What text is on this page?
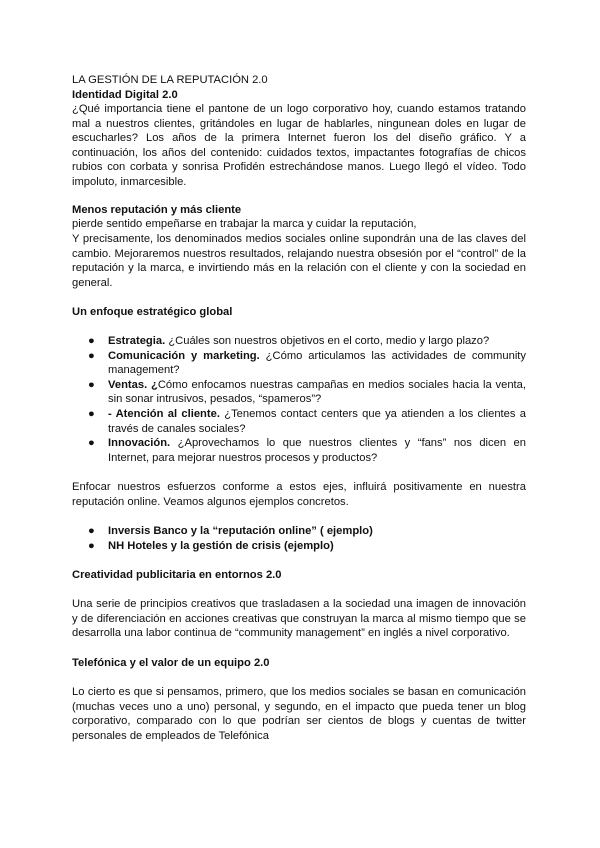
LA GESTIÓN DE LA REPUTACIÓN 2.0
Identidad Digital 2.0

¿Qué importancia tiene el pantone de un logo corporativo hoy, cuando estamos tratando mal a nuestros clientes, gritándoles en lugar de hablarles, ningunean doles en lugar de escucharles? Los años de la primera Internet fueron los del diseño gráfico. Y a continuación, los años del contenido: cuidados textos, impactantes fotografías de chicos rubios con corbata y sonrisa Profidén estrechándose manos. Luego llegó el vídeo. Todo impoluto, inmarcesible.

Menos reputación y más cliente
pierde sentido empeñarse en trabajar la marca y cuidar la reputación,

Y precisamente, los denominados medios sociales online supondrán una de las claves del cambio. Mejoraremos nuestros resultados, relajando nuestra obsesión por el “control” de la reputación y la marca, e invirtiendo más en la relación con el cliente y con la sociedad en general.

Un enfoque estratégico global
● Estrategia. ¿Cuáles son nuestros objetivos en el corto, medio y largo plazo?
● Comunicación y marketing. ¿Cómo articulamos las actividades de community management?
● Ventas. ¿Cómo enfocamos nuestras campañas en medios sociales hacia la venta, sin sonar intrusivos, pesados, “spameros”?
● - Atención al cliente. ¿Tenemos contact centers que ya atienden a los clientes a través de canales sociales?
● Innovación. ¿Aprovechamos lo que nuestros clientes y “fans” nos dicen en Internet, para mejorar nuestros procesos y productos?

Enfocar nuestros esfuerzos conforme a estos ejes, influirá positivamente en nuestra reputación online. Veamos algunos ejemplos concretos.

● Inversis Banco y la “reputación online” ( ejemplo)
● NH Hoteles y la gestión de crisis (ejemplo)
Creatividad publicitaria en entornos 2.0

Una serie de principios creativos que trasladasen a la sociedad una imagen de innovación y de diferenciación en acciones creativas que construyan la marca al mismo tiempo que se desarrolla una labor continua de “community management” en inglés a nivel corporativo.

Telefónica y el valor de un equipo 2.0

Lo cierto es que si pensamos, primero, que los medios sociales se basan en comunicación (muchas veces uno a uno) personal, y segundo, en el impacto que pueda tener un blog corporativo, comparado con lo que podrían ser cientos de blogs y cuentas de twitter personales de empleados de Telefónica
